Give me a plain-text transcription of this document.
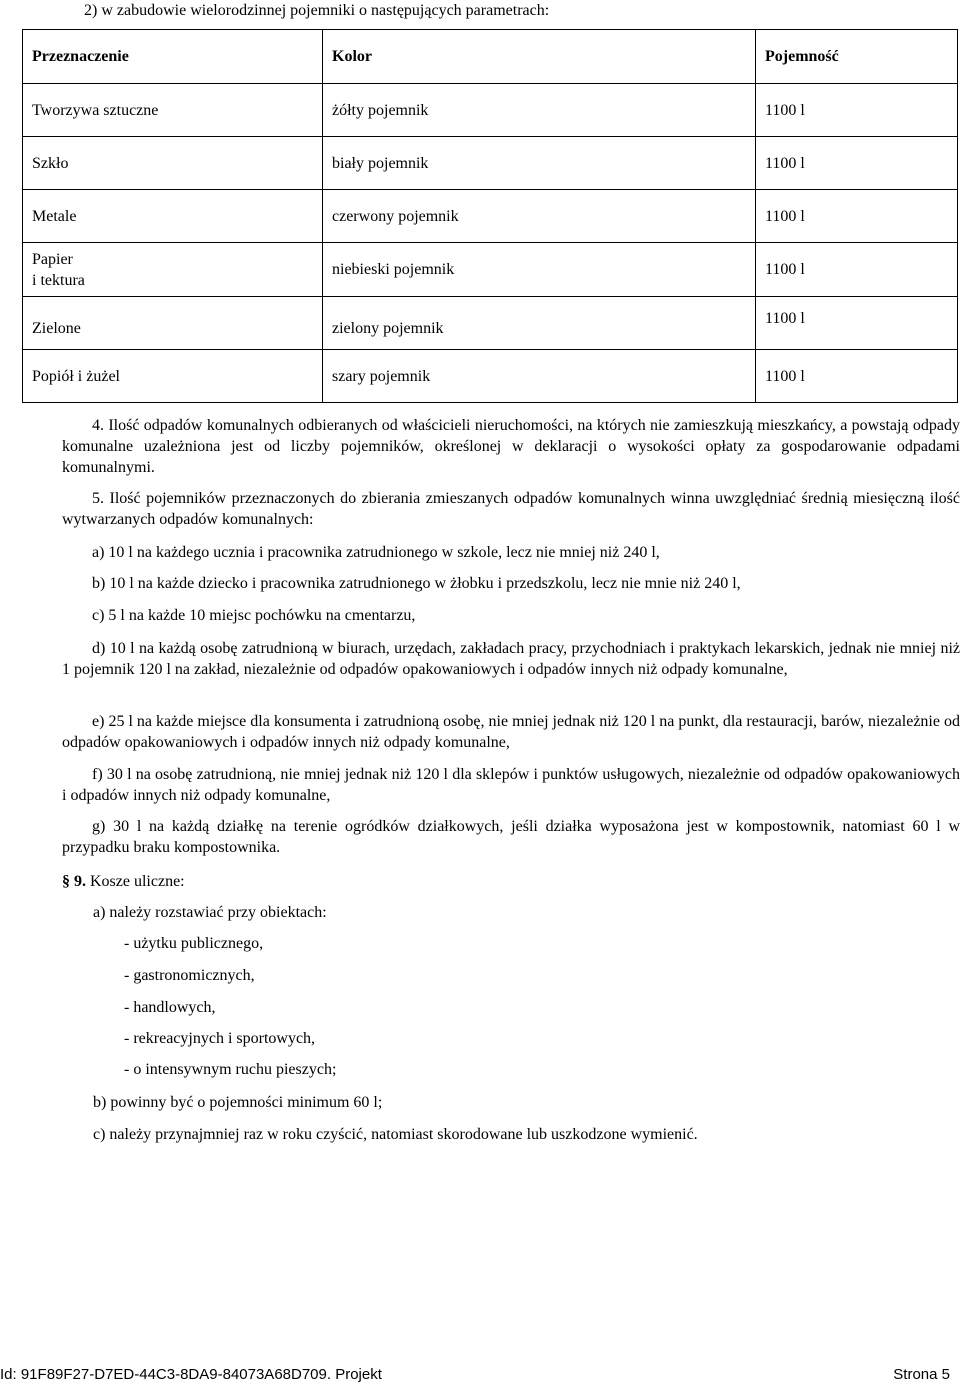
2) w zabudowie wielorodzinnej pojemniki o następujących parametrach:
Przeznaczenie	Kolor	Pojemność
Tworzywa sztuczne	żółty pojemnik	1100 l
Szkło	biały pojemnik	1100 l
Metale	czerwony pojemnik	1100 l
Papier
i tektura	niebieski pojemnik	1100 l
Zielone	zielony pojemnik	1100 l
Popiół i żużel	szary pojemnik	1100 l
4. Ilość odpadów komunalnych odbieranych od właścicieli nieruchomości, na których nie zamieszkują mieszkańcy, a powstają odpady komunalne uzależniona jest od liczby pojemników, określonej w deklaracji o wysokości opłaty za gospodarowanie odpadami komunalnymi.
5. Ilość pojemników przeznaczonych do zbierania zmieszanych odpadów komunalnych winna uwzględniać średnią miesięczną ilość wytwarzanych odpadów komunalnych:
a) 10 l na każdego ucznia i pracownika zatrudnionego w szkole, lecz nie mniej niż 240 l,
b) 10 l na każde dziecko i pracownika zatrudnionego w żłobku i przedszkolu, lecz nie mnie niż 240 l,
c) 5 l na każde 10 miejsc pochówku na cmentarzu,
d) 10 l na każdą osobę zatrudnioną w biurach, urzędach, zakładach pracy, przychodniach i praktykach lekarskich, jednak nie mniej niż 1 pojemnik 120 l na zakład, niezależnie od odpadów opakowaniowych i odpadów innych niż odpady komunalne,
e) 25 l na każde miejsce dla konsumenta i zatrudnioną osobę, nie mniej jednak niż 120 l na punkt, dla restauracji, barów, niezależnie od odpadów opakowaniowych i odpadów innych niż odpady komunalne,
f) 30 l na osobę zatrudnioną, nie mniej jednak niż 120 l dla sklepów i punktów usługowych, niezależnie od odpadów opakowaniowych i odpadów innych niż odpady komunalne,
g) 30 l na każdą działkę na terenie ogródków działkowych, jeśli działka wyposażona jest w kompostownik, natomiast 60 l w przypadku braku kompostownika.
§ 9. Kosze uliczne:
a) należy rozstawiać przy obiektach:
- użytku publicznego,
- gastronomicznych,
- handlowych,
- rekreacyjnych i sportowych,
- o intensywnym ruchu pieszych;
b) powinny być o pojemności minimum 60 l;
c) należy przynajmniej raz w roku czyścić, natomiast skorodowane lub uszkodzone wymienić.
Id: 91F89F27-D7ED-44C3-8DA9-84073A68D709. Projekt	Strona 5
